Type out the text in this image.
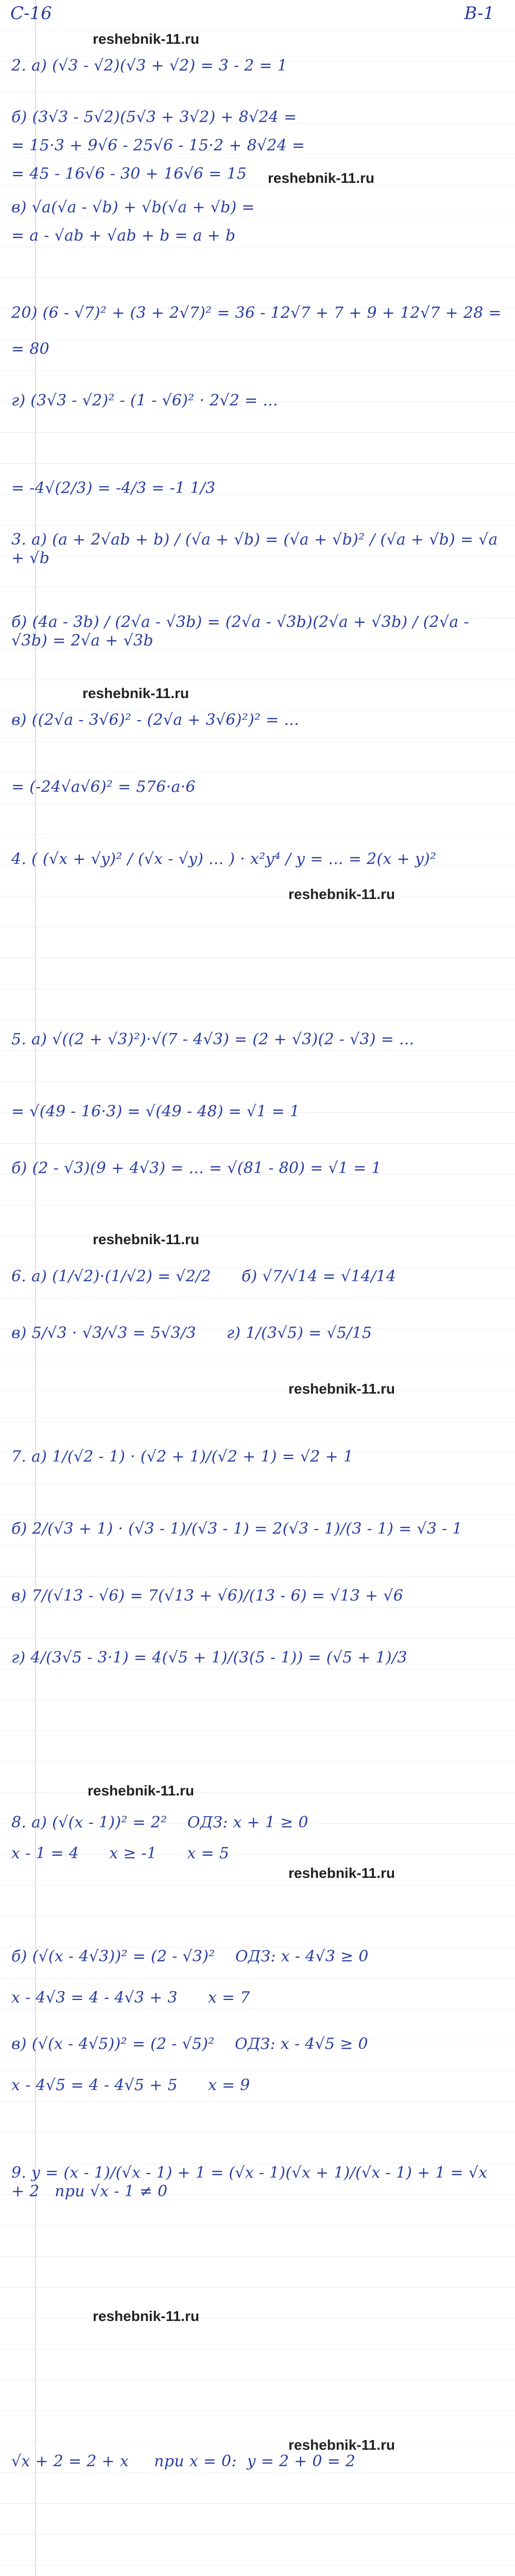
C-16	B-1
reshebnik-11.ru
reshebnik-11.ru
reshebnik-11.ru
reshebnik-11.ru
reshebnik-11.ru
reshebnik-11.ru
reshebnik-11.ru
reshebnik-11.ru
reshebnik-11.ru
reshebnik-11.ru
2. a) (√3 - √2)(√3 + √2) = 3 - 2 = 1
б) (3√3 - 5√2)(5√3 + 3√2) + 8√24 =
= 15·3 + 9√6 - 25√6 - 15·2 + 8√24 =
= 45 - 16√6 - 30 + 16√6 = 15
в) √a(√a - √b) + √b(√a + √b) =
= a - √ab + √ab + b = a + b
20) (6 - √7)² + (3 + 2√7)² = 36 - 12√7 + 7 + 9 + 12√7 + 28 =
= 80
г) (3√3 - √2)² - (1 - √6)² · 2√2 = ...
= -4√(2/3) = -4/3 = -1 1/3
3. a) (a + 2√ab + b) / (√a + √b) = (√a + √b)² / (√a + √b) = √a + √b
б) (4a - 3b) / (2√a - √3b) = (2√a - √3b)(2√a + √3b) / (2√a - √3b) = 2√a + √3b
в) ((2√a - 3√6)² - (2√a + 3√6)²)² = ...
= (-24√a√6)² = 576·a·6
4. ( (√x + √y)² / (√x - √y) ... ) · x²y⁴ / y = ... = 2(x + y)²
5. а) √((2 + √3)²)·√(7 - 4√3) = (2 + √3)(2 - √3) = ...
= √(49 - 16·3) = √(49 - 48) = √1 = 1
б) (2 - √3)(9 + 4√3) = ... = √(81 - 80) = √1 = 1
6. а) (1/√2)·(1/√2) = √2/2      б) √7/√14 = √14/14
в) 5/√3 · √3/√3 = 5√3/3      г) 1/(3√5) = √5/15
7. а) 1/(√2 - 1) · (√2 + 1)/(√2 + 1) = √2 + 1
б) 2/(√3 + 1) · (√3 - 1)/(√3 - 1) = 2(√3 - 1)/(3 - 1) = √3 - 1
в) 7/(√13 - √6) = 7(√13 + √6)/(13 - 6) = √13 + √6
г) 4/(3√5 - 3·1) = 4(√5 + 1)/(3(5 - 1)) = (√5 + 1)/3
8. а) (√(x - 1))² = 2²    ОДЗ: x + 1 ≥ 0
x - 1 = 4      x ≥ -1      x = 5
б) (√(x - 4√3))² = (2 - √3)²    ОДЗ: x - 4√3 ≥ 0
x - 4√3 = 4 - 4√3 + 3      x = 7
в) (√(x - 4√5))² = (2 - √5)²    ОДЗ: x - 4√5 ≥ 0
x - 4√5 = 4 - 4√5 + 5      x = 9
9. y = (x - 1)/(√x - 1) + 1 = (√x - 1)(√x + 1)/(√x - 1) + 1 = √x + 2   при √x - 1 ≠ 0
√x + 2 = 2 + x     при x = 0:  y = 2 + 0 = 2
